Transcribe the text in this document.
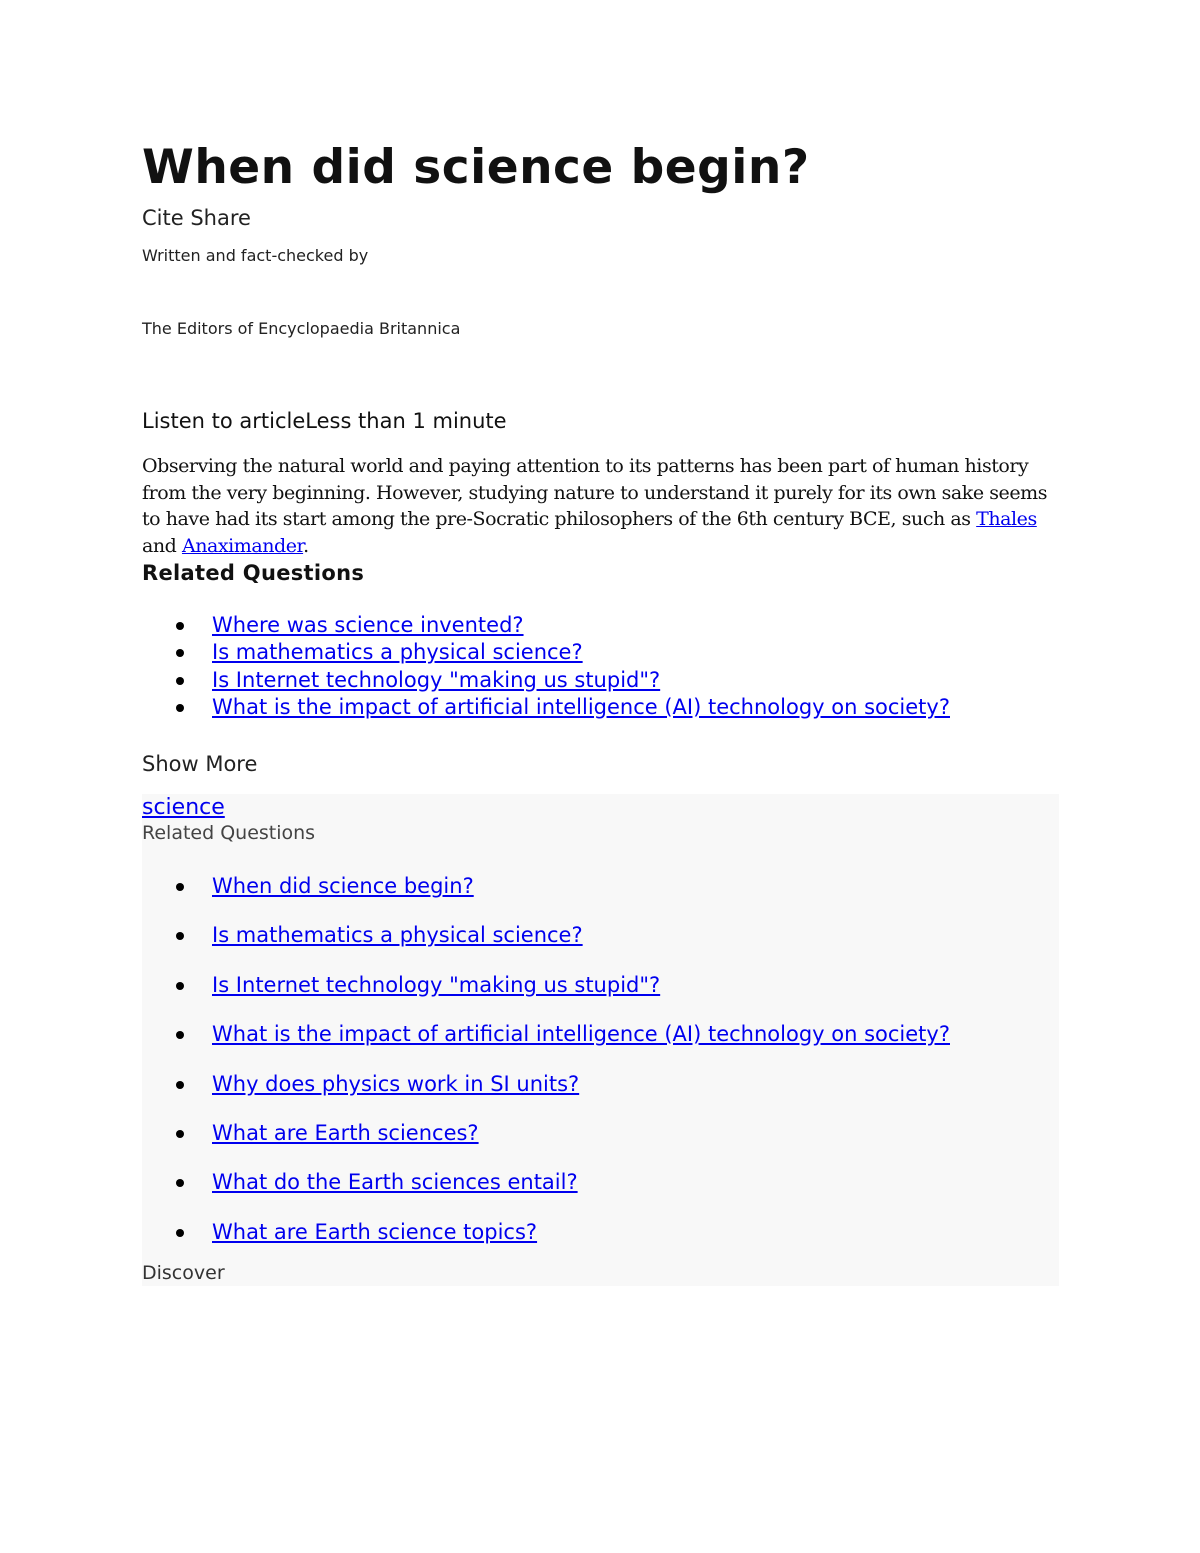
When did science begin?
Cite Share
Written and fact-checked by
The Editors of Encyclopaedia Britannica
Listen to articleLess than 1 minute

Observing the natural world and paying attention to its patterns has been part of human history from the very beginning. However, studying nature to understand it purely for its own sake seems to have had its start among the pre-Socratic philosophers of the 6th century BCE, such as Thales and Anaximander.

Related Questions
Where was science invented?
Is mathematics a physical science?
Is Internet technology "making us stupid"?
What is the impact of artificial intelligence (AI) technology on society?
Show More
science
Related Questions
When did science begin?
Is mathematics a physical science?
Is Internet technology "making us stupid"?
What is the impact of artificial intelligence (AI) technology on society?
Why does physics work in SI units?
What are Earth sciences?
What do the Earth sciences entail?
What are Earth science topics?
Discover
